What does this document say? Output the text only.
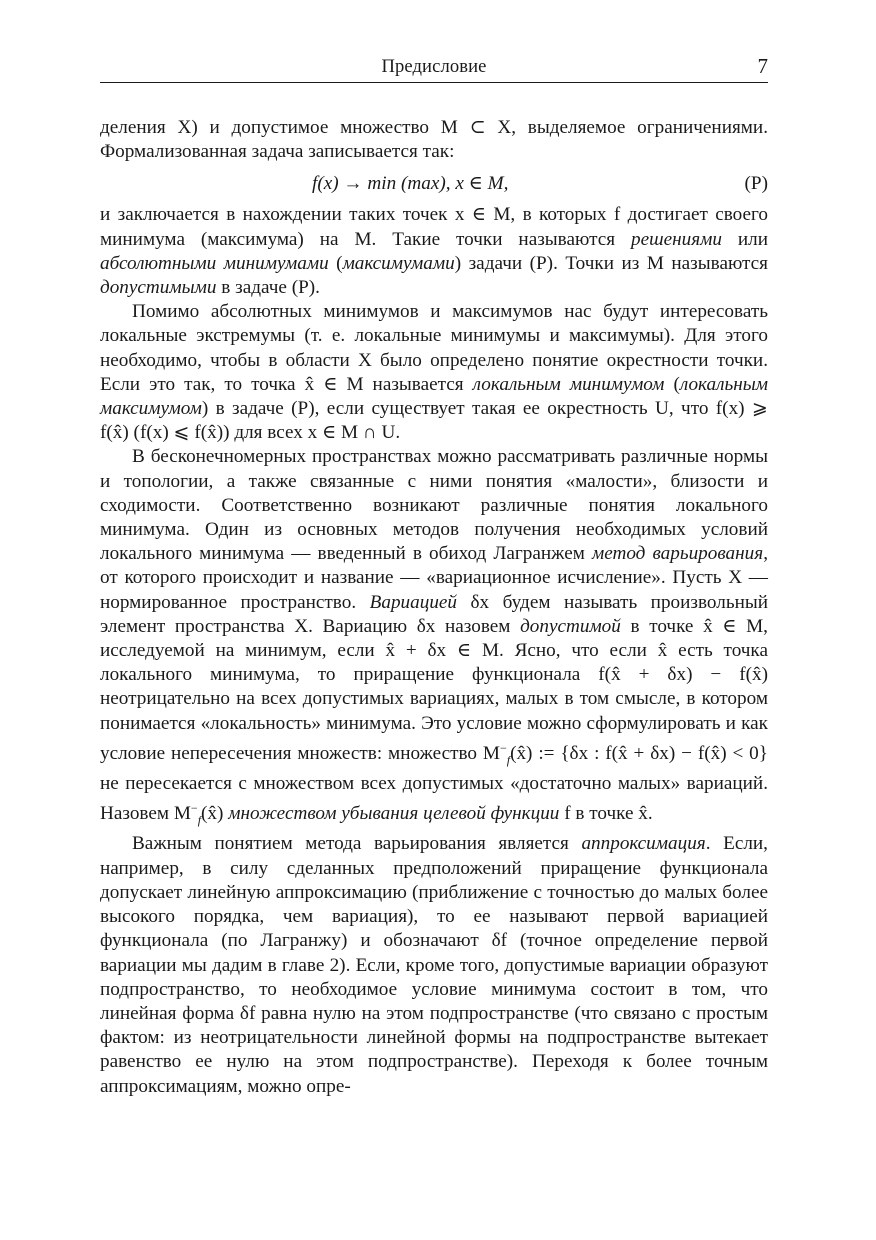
Предисловие	7

деления X) и допустимое множество M ⊂ X, выделяемое ограничениями. Формализованная задача записывается так:

f(x) → min (max), x ∈ M,	(P)

и заключается в нахождении таких точек x ∈ M, в которых f достигает своего минимума (максимума) на M. Такие точки называются решениями или абсолютными минимумами (максимумами) задачи (P). Точки из M называются допустимыми в задаче (P).

Помимо абсолютных минимумов и максимумов нас будут интересовать локальные экстремумы (т. е. локальные минимумы и максимумы). Для этого необходимо, чтобы в области X было определено понятие окрестности точки. Если это так, то точка x̂ ∈ M называется локальным минимумом (локальным максимумом) в задаче (P), если существует такая ее окрестность U, что f(x) ⩾ f(x̂) (f(x) ⩽ f(x̂)) для всех x ∈ M ∩ U.

В бесконечномерных пространствах можно рассматривать различные нормы и топологии, а также связанные с ними понятия «малости», близости и сходимости. Соответственно возникают различные понятия локального минимума. Один из основных методов получения необходимых условий локального минимума — введенный в обиход Лагранжем метод варьирования, от которого происходит и название — «вариационное исчисление». Пусть X — нормированное пространство. Вариацией δx будем называть произвольный элемент пространства X. Вариацию δx назовем допустимой в точке x̂ ∈ M, исследуемой на минимум, если x̂ + δx ∈ M. Ясно, что если x̂ есть точка локального минимума, то приращение функционала f(x̂ + δx) − f(x̂) неотрицательно на всех допустимых вариациях, малых в том смысле, в котором понимается «локальность» минимума. Это условие можно сформулировать и как условие непересечения множеств: множество $M^-_f(x̂)$ := {δx : f(x̂ + δx) − f(x̂) < 0} не пересекается с множеством всех допустимых «достаточно малых» вариаций. Назовем $M^-_f(x̂)$ множеством убывания целевой функции f в точке x̂.

Важным понятием метода варьирования является аппроксимация. Если, например, в силу сделанных предположений приращение функционала допускает линейную аппроксимацию (приближение с точностью до малых более высокого порядка, чем вариация), то ее называют первой вариацией функционала (по Лагранжу) и обозначают δf (точное определение первой вариации мы дадим в главе 2). Если, кроме того, допустимые вариации образуют подпространство, то необходимое условие минимума состоит в том, что линейная форма δf равна нулю на этом подпространстве (что связано с простым фактом: из неотрицательности линейной формы на подпространстве вытекает равенство ее нулю на этом подпространстве). Переходя к более точным аппроксимациям, можно опре-
